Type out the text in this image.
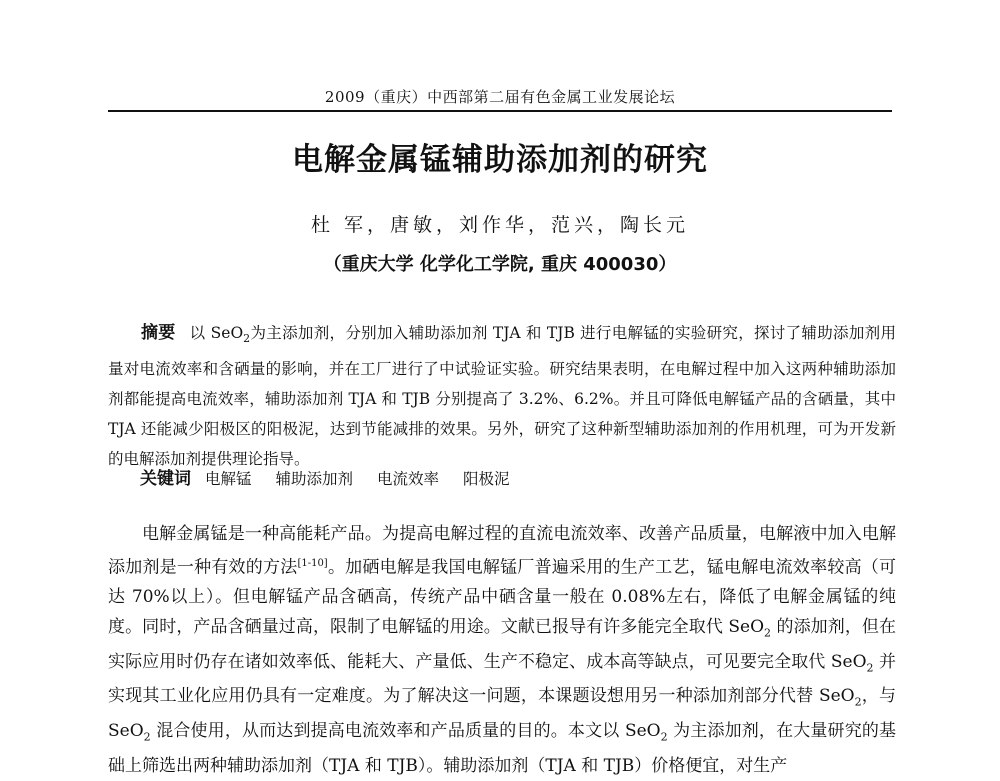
2009（重庆）中西部第二届有色金属工业发展论坛
电解金属锰辅助添加剂的研究
杜 军，唐敏，刘作华，范兴，陶长元
（重庆大学 化学化工学院, 重庆 400030）

摘要 以 SeO$_2$为主添加剂，分别加入辅助添加剂 TJA 和 TJB 进行电解锰的实验研究，探讨了辅助添加剂用量对电流效率和含硒量的影响，并在工厂进行了中试验证实验。研究结果表明，在电解过程中加入这两种辅助添加剂都能提高电流效率，辅助添加剂 TJA 和 TJB 分别提高了 3.2%、6.2%。并且可降低电解锰产品的含硒量，其中 TJA 还能减少阳极区的阳极泥，达到节能减排的效果。另外，研究了这种新型辅助添加剂的作用机理，可为开发新的电解添加剂提供理论指导。

关键词 电解锰 辅助添加剂 电流效率 阳极泥

电解金属锰是一种高能耗产品。为提高电解过程的直流电流效率、改善产品质量，电解液中加入电解添加剂是一种有效的方法[1-10]。加硒电解是我国电解锰厂普遍采用的生产工艺，锰电解电流效率较高（可达 70%以上）。但电解锰产品含硒高，传统产品中硒含量一般在 0.08%左右，降低了电解金属锰的纯度。同时，产品含硒量过高，限制了电解锰的用途。文献已报导有许多能完全取代 SeO$_2$ 的添加剂，但在实际应用时仍存在诸如效率低、能耗大、产量低、生产不稳定、成本高等缺点，可见要完全取代 SeO$_2$ 并实现其工业化应用仍具有一定难度。为了解决这一问题，本课题设想用另一种添加剂部分代替 SeO$_2$，与 SeO$_2$ 混合使用，从而达到提高电流效率和产品质量的目的。本文以 SeO$_2$ 为主添加剂，在大量研究的基础上筛选出两种辅助添加剂（TJA 和 TJB）。辅助添加剂（TJA 和 TJB）价格便宜，对生产
